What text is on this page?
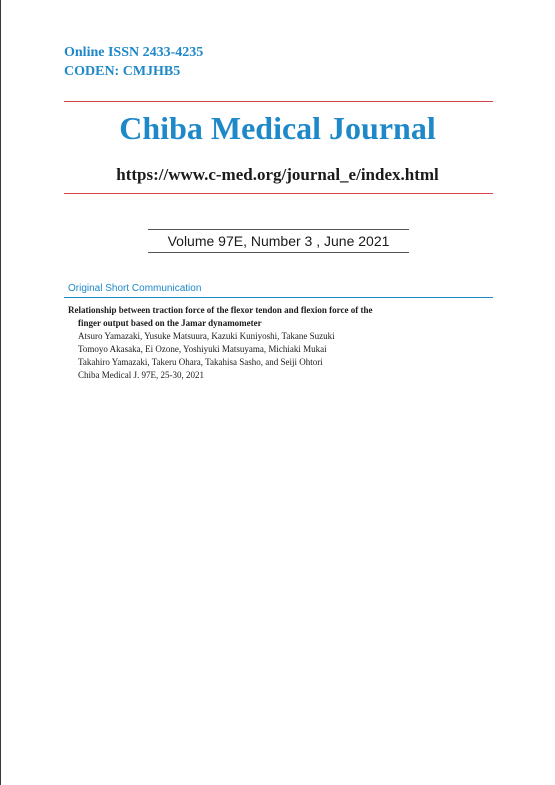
Online ISSN 2433-4235
CODEN: CMJHB5
Chiba Medical Journal
https://www.c-med.org/journal_e/index.html
Volume 97E, Number 3 , June 2021
Original Short Communication

Relationship between traction force of the flexor tendon and flexion force of the

finger output based on the Jamar dynamometer

Atsuro Yamazaki, Yusuke Matsuura, Kazuki Kuniyoshi, Takane Suzuki

Tomoyo Akasaka, Ei Ozone, Yoshiyuki Matsuyama, Michiaki Mukai

Takahiro Yamazaki, Takeru Ohara, Takahisa Sasho, and Seiji Ohtori

Chiba Medical J. 97E, 25-30, 2021
